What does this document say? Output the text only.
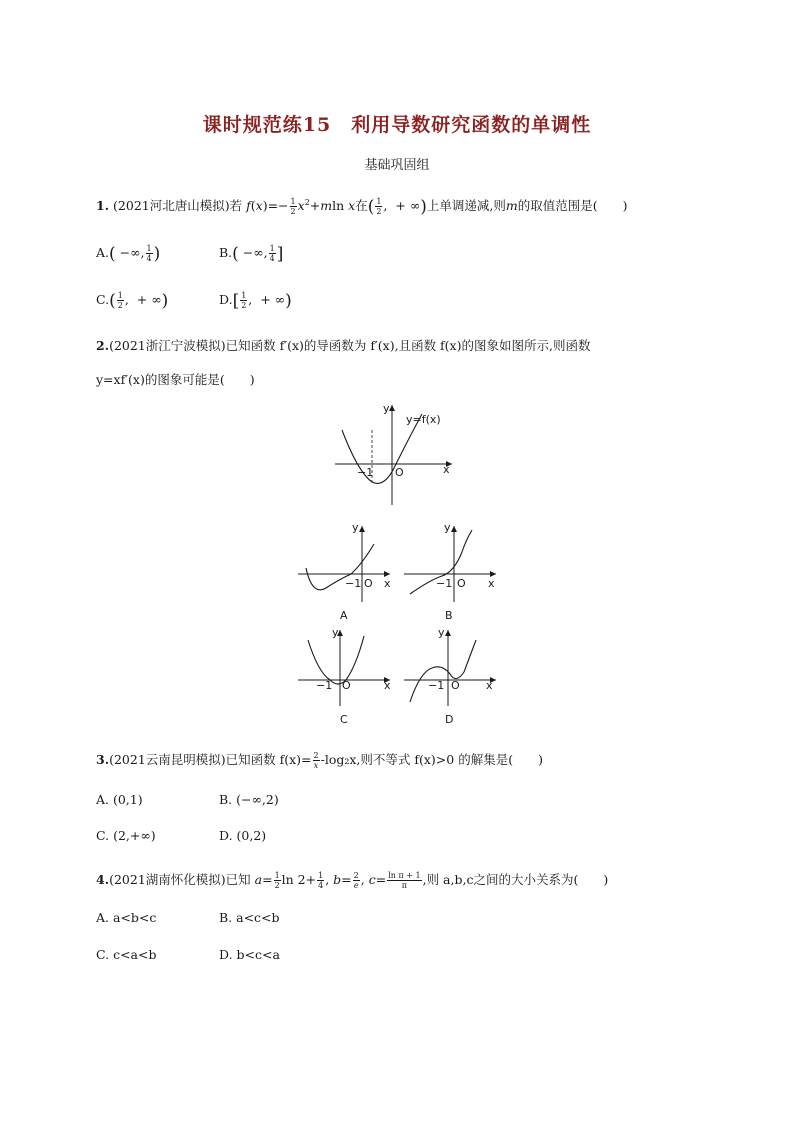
课时规范练15　利用导数研究函数的单调性
基础巩固组
1. (2021河北唐山模拟)若 $f(x)=- \frac{1}{2} x^2+mln$ x在( $\frac{1}{2}$ ,  + ∞)上单调递减,则m的取值范围是(　　)
A.( −∞, $\frac{1}{4}$ )	B.( −∞, $\frac{1}{4}$ ]
$C.( \frac{1}{2}$ ,  + ∞)	$D.[ \frac{1}{2}$ ,  + ∞)
2.(2021浙江宁波模拟)已知函数 f′(x)的导函数为 f′(x),且函数 f(x)的图象如图所示,则函数
y=xf′(x)的图象可能是(　　)
y
y=f(x)
x
O
−1
y
−1 O x
A
y
−1 O x
B
y
−1 O	x
C
y
−1 O x
D
3.(2021云南昆明模拟)已知函数 $f(x)= \frac{2}{x} -\log_2x$,则不等式 f(x)>0 的解集是(　　)
A. (0,1)	B. (−∞,2)
C. (2,+∞)	D. (0,2)
4.(2021湖南怀化模拟)已知 $a= \frac{1}{2}$ $\ln 2+ \frac{1}{4}$ , $b= \frac{2}{e}$ , $c= \frac{\text{ln π + 1}}{\pi}$ ,则 a,b,c之间的大小关系为(　　)
A. a<b<c	B. a<c<b
C. c<a<b	D. b<c<a
